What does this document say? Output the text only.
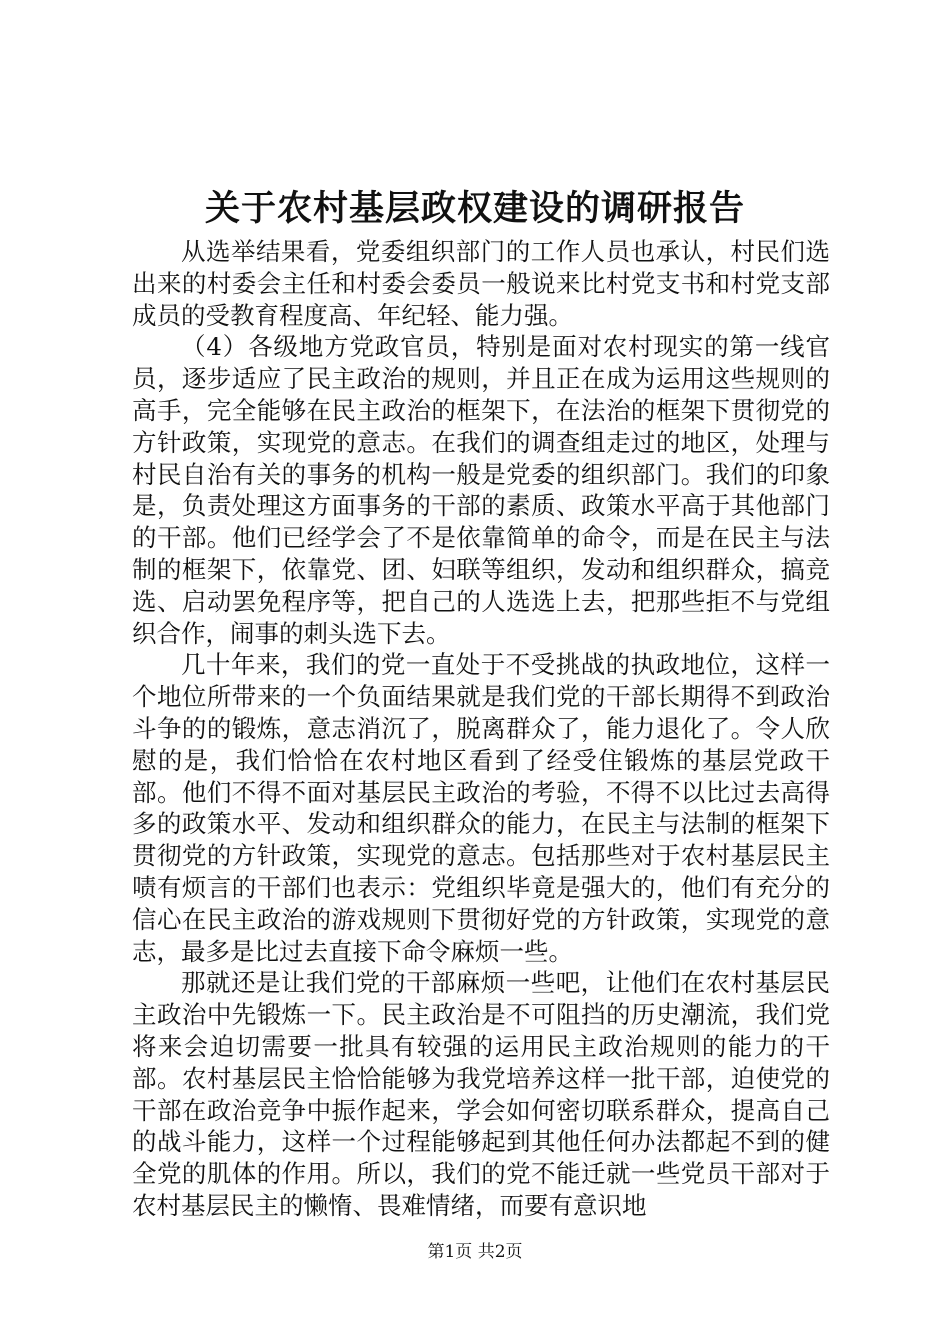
关于农村基层政权建设的调研报告

从选举结果看，党委组织部门的工作人员也承认，村民们选出来的村委会主任和村委会委员一般说来比村党支书和村党支部成员的受教育程度高、年纪轻、能力强。

（4）各级地方党政官员，特别是面对农村现实的第一线官员，逐步适应了民主政治的规则，并且正在成为运用这些规则的高手，完全能够在民主政治的框架下，在法治的框架下贯彻党的方针政策，实现党的意志。在我们的调查组走过的地区，处理与村民自治有关的事务的机构一般是党委的组织部门。我们的印象是，负责处理这方面事务的干部的素质、政策水平高于其他部门的干部。他们已经学会了不是依靠简单的命令，而是在民主与法制的框架下，依靠党、团、妇联等组织，发动和组织群众，搞竞选、启动罢免程序等，把自己的人选选上去，把那些拒不与党组织合作，闹事的刺头选下去。

几十年来，我们的党一直处于不受挑战的执政地位，这样一个地位所带来的一个负面结果就是我们党的干部长期得不到政治斗争的的锻炼，意志消沉了，脱离群众了，能力退化了。令人欣慰的是，我们恰恰在农村地区看到了经受住锻炼的基层党政干部。他们不得不面对基层民主政治的考验，不得不以比过去高得多的政策水平、发动和组织群众的能力，在民主与法制的框架下贯彻党的方针政策，实现党的意志。包括那些对于农村基层民主啧有烦言的干部们也表示：党组织毕竟是强大的，他们有充分的信心在民主政治的游戏规则下贯彻好党的方针政策，实现党的意志，最多是比过去直接下命令麻烦一些。

那就还是让我们党的干部麻烦一些吧，让他们在农村基层民主政治中先锻炼一下。民主政治是不可阻挡的历史潮流，我们党将来会迫切需要一批具有较强的运用民主政治规则的能力的干部。农村基层民主恰恰能够为我党培养这样一批干部，迫使党的干部在政治竞争中振作起来，学会如何密切联系群众，提高自己的战斗能力，这样一个过程能够起到其他任何办法都起不到的健全党的肌体的作用。所以，我们的党不能迁就一些党员干部对于农村基层民主的懒惰、畏难情绪，而要有意识地

第1页 共2页
